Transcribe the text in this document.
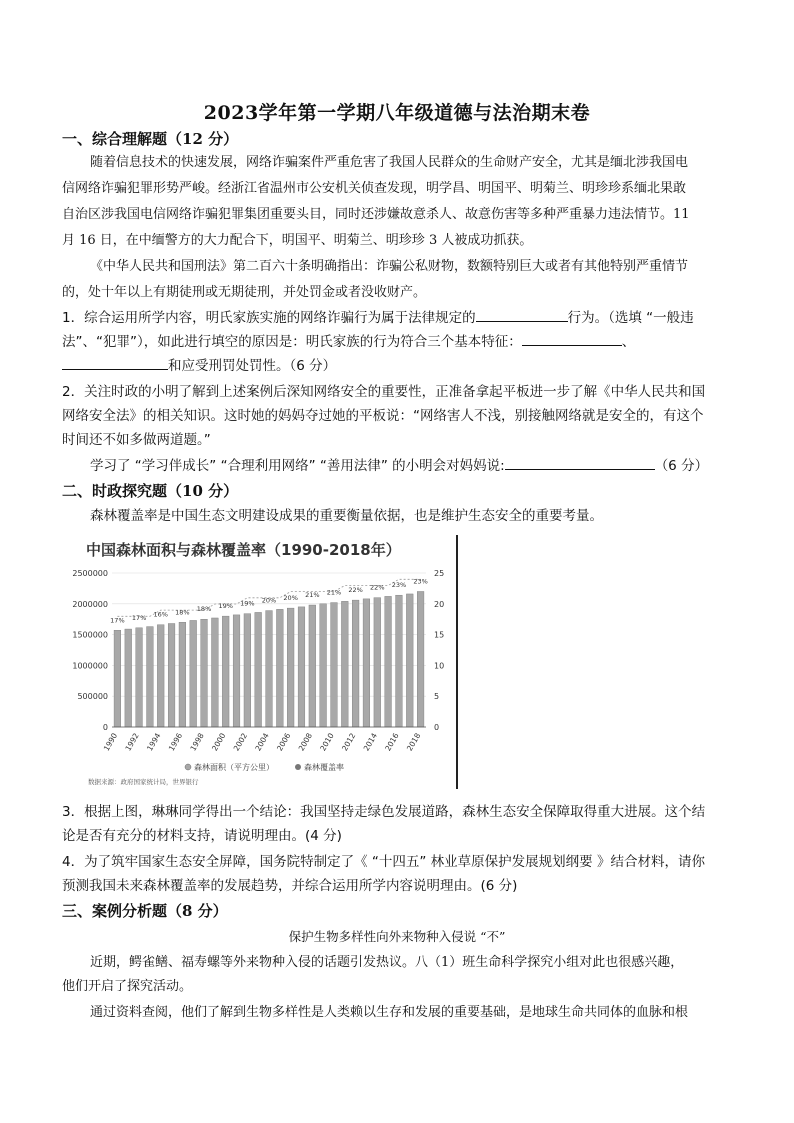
2023学年第一学期八年级道德与法治期末卷
一、综合理解题（12 分）
随着信息技术的快速发展，网络诈骗案件严重危害了我国人民群众的生命财产安全，尤其是缅北涉我国电
信网络诈骗犯罪形势严峻。经浙江省温州市公安机关侦查发现，明学昌、明国平、明菊兰、明珍珍系缅北果敢
自治区涉我国电信网络诈骗犯罪集团重要头目，同时还涉嫌故意杀人、故意伤害等多种严重暴力违法情节。11
月 16 日，在中缅警方的大力配合下，明国平、明菊兰、明珍珍 3 人被成功抓获。
《中华人民共和国刑法》第二百六十条明确指出：诈骗公私财物，数额特别巨大或者有其他特别严重情节
的，处十年以上有期徒刑或无期徒刑，并处罚金或者没收财产。
1．综合运用所学内容，明氏家族实施的网络诈骗行为属于法律规定的	行为。（选填 “一般违
法”、“犯罪”），如此进行填空的原因是：明氏家族的行为符合三个基本特征：	、
和应受刑罚处罚性。（6 分）
2．关注时政的小明了解到上述案例后深知网络安全的重要性，正准备拿起平板进一步了解《中华人民共和国
网络安全法》的相关知识。这时她的妈妈夺过她的平板说：“网络害人不浅，别接触网络就是安全的，有这个
时间还不如多做两道题。”
学习了 “学习伴成长” “合理利用网络” “善用法律” 的小明会对妈妈说:	（6 分）
二、时政探究题（10 分）
森林覆盖率是中国生态文明建设成果的重要衡量依据，也是维护生态安全的重要考量。
中国森林面积与森林覆盖率（1990-2018年）
0
500000
1000000
1500000
2000000
2500000
0
5
10
15
20
25
17% 17% 16% 18% 18% 19% 19% 20% 20% 21% 21% 22% 22% 23% 23%
1990 1992 1994 1996 1998 2000 2002 2004 2006 2008 2010 2012 2014 2016 2018
森林面积（平方公里）	森林覆盖率
数据来源：政府国家统计局，世界银行
3．根据上图，琳琳同学得出一个结论：我国坚持走绿色发展道路，森林生态安全保障取得重大进展。这个结
论是否有充分的材料支持，请说明理由。(4 分)
4．为了筑牢国家生态安全屏障，国务院特制定了《 “十四五” 林业草原保护发展规划纲要 》结合材料，请你
预测我国未来森林覆盖率的发展趋势，并综合运用所学内容说明理由。(6 分)
三、案例分析题（8 分）
保护生物多样性向外来物种入侵说 “不”
近期，鳄雀鳝、福寿螺等外来物种入侵的话题引发热议。八（1）班生命科学探究小组对此也很感兴趣，
他们开启了探究活动。
通过资料查阅，他们了解到生物多样性是人类赖以生存和发展的重要基础，是地球生命共同体的血脉和根
